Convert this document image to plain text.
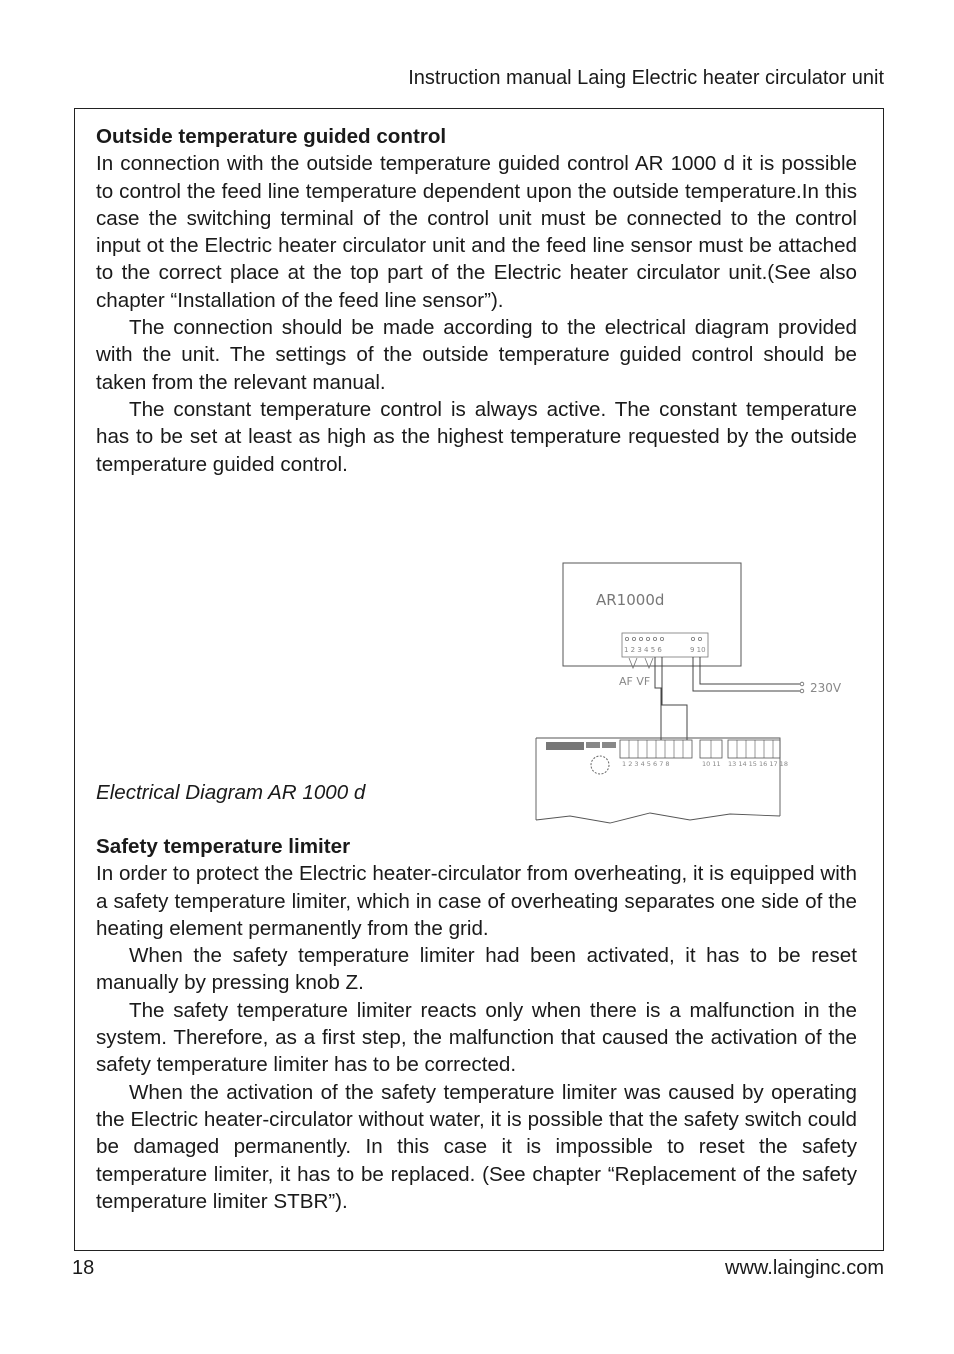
Instruction manual Laing Electric heater circulator unit

Outside temperature guided control

In connection with the outside temperature guided control AR 1000 d it is possible to control the feed line temperature dependent upon the outside temperature.In this case the switching terminal of the control unit must be connected to the control input ot the Electric heater circulator unit and the feed line sensor must be attached to the correct place at the top part of the Electric heater circulator unit.(See also chapter “Installation of the feed line sensor”).

The connection should be made according to the electrical diagram provided with the unit. The settings of the outside temperature guided control should be taken from the relevant manual.

The constant temperature control is always active. The constant temperature has to be set at least as high as the highest temperature requested by the outside temperature guided control.

AR1000d
1 2 3 4 5 6	9 10
AF VF	230V
1 2 3 4 5 6 7 8	10 11 13 14 15 16 17 18
Electrical Diagram AR 1000 d

Safety temperature limiter

In order to protect the Electric heater-circulator from overheating, it is equipped with a safety temperature limiter, which in case of overheating separates one side of the heating element permanently from the grid.

When the safety temperature limiter had been activated, it has to be reset manually by pressing knob Z.

The safety temperature limiter reacts only when there is a malfunction in the system. Therefore, as a first step, the malfunction that caused the activation of the safety temperature limiter has to be corrected.

When the activation of the safety temperature limiter was caused by operating the Electric heater-circulator without water, it is possible that the safety switch could be damaged permanently. In this case it is impossible to reset the safety temperature limiter, it has to be replaced. (See chapter “Replacement of the safety temperature limiter STBR”).

18	www.lainginc.com
